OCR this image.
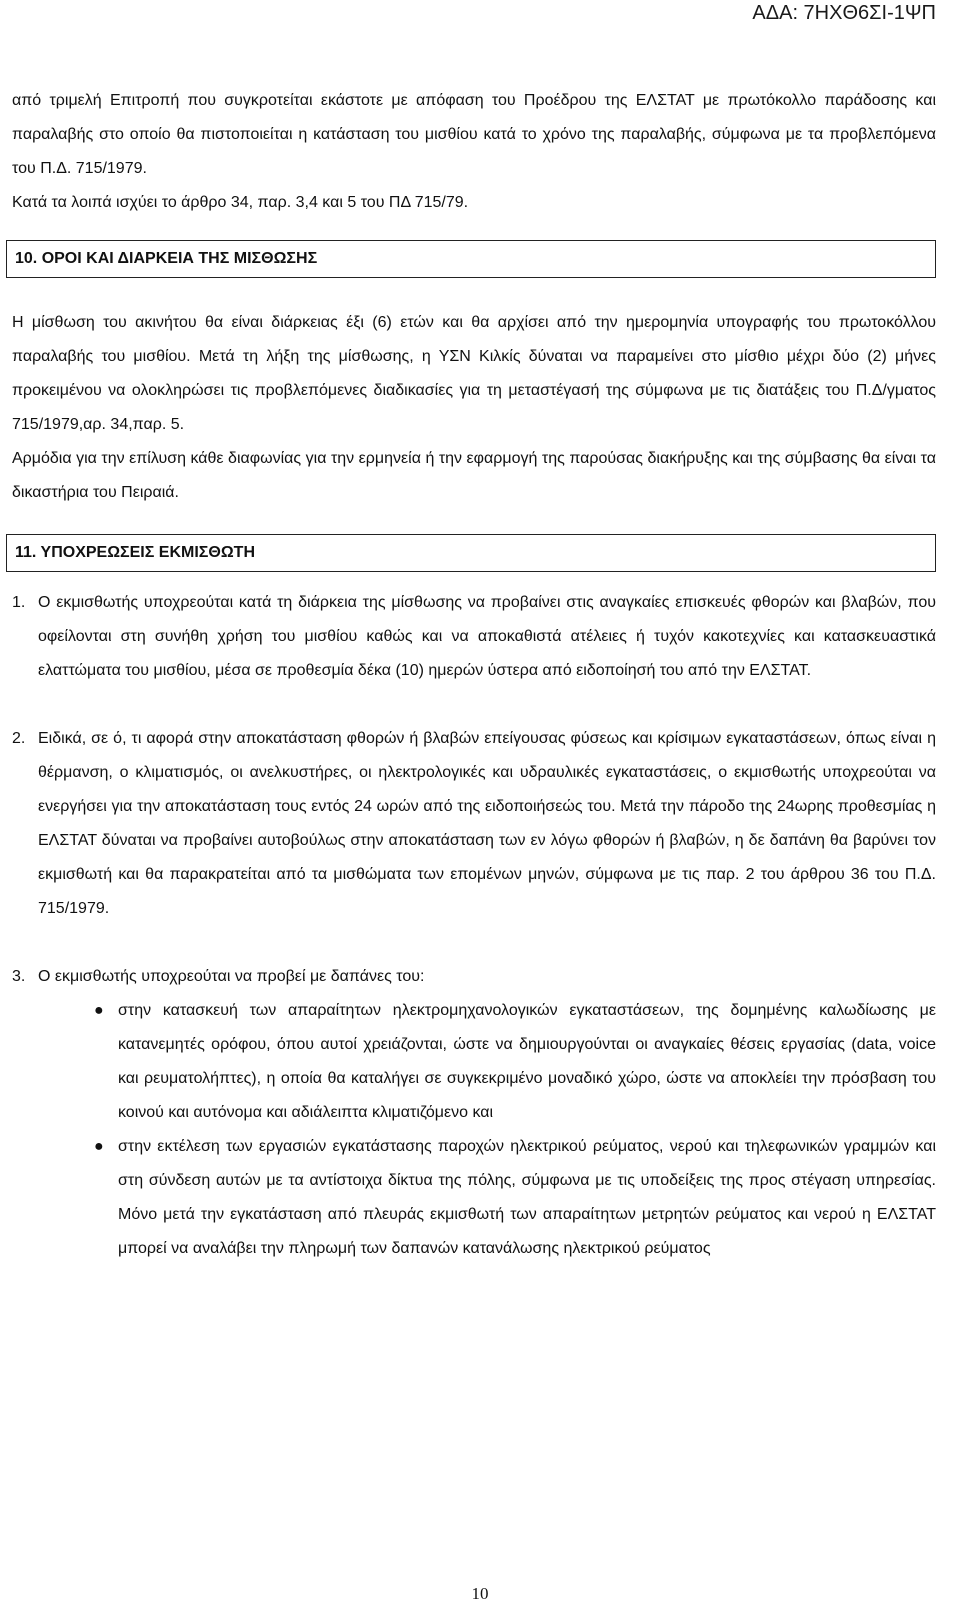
ΑΔΑ: 7ΗΧΘ6ΣΙ-1ΨΠ

από τριμελή Επιτροπή που συγκροτείται εκάστοτε με απόφαση του Προέδρου της ΕΛΣΤΑΤ με πρωτόκολλο παράδοσης και παραλαβής στο οποίο θα πιστοποιείται η κατάσταση του μισθίου κατά το χρόνο της παραλαβής, σύμφωνα με τα προβλεπόμενα του Π.Δ. 715/1979.

Κατά τα λοιπά ισχύει το άρθρο 34, παρ. 3,4 και 5 του ΠΔ 715/79.

10. ΟΡΟΙ ΚΑΙ ΔΙΑΡΚΕΙΑ ΤΗΣ ΜΙΣΘΩΣΗΣ

Η μίσθωση του ακινήτου θα είναι διάρκειας έξι (6) ετών και θα αρχίσει από την ημερομηνία υπογραφής του πρωτοκόλλου παραλαβής του μισθίου. Μετά τη λήξη της μίσθωσης, η ΥΣΝ Κιλκίς δύναται να παραμείνει στο μίσθιο μέχρι δύο (2) μήνες προκειμένου να ολοκληρώσει τις προβλεπόμενες διαδικασίες για τη μεταστέγασή της σύμφωνα με τις διατάξεις του Π.Δ/γματος 715/1979,αρ. 34,παρ. 5.

Αρμόδια για την επίλυση κάθε διαφωνίας για την ερμηνεία ή την εφαρμογή της παρούσας διακήρυξης και της σύμβασης θα είναι τα δικαστήρια του Πειραιά.

11. ΥΠΟΧΡΕΩΣΕΙΣ ΕΚΜΙΣΘΩΤΗ
1. Ο εκμισθωτής υποχρεούται κατά τη διάρκεια της μίσθωσης να προβαίνει στις αναγκαίες επισκευές φθορών και βλαβών, που οφείλονται στη συνήθη χρήση του μισθίου καθώς και να αποκαθιστά ατέλειες ή τυχόν κακοτεχνίες και κατασκευαστικά ελαττώματα του μισθίου, μέσα σε προθεσμία δέκα (10) ημερών ύστερα από ειδοποίησή του από την ΕΛΣΤΑΤ.
2. Ειδικά, σε ό, τι αφορά στην αποκατάσταση φθορών ή βλαβών επείγουσας φύσεως και κρίσιμων εγκαταστάσεων, όπως είναι η θέρμανση, ο κλιματισμός, οι ανελκυστήρες, οι ηλεκτρολογικές και υδραυλικές εγκαταστάσεις, ο εκμισθωτής υποχρεούται να ενεργήσει για την αποκατάσταση τους εντός 24 ωρών από της ειδοποιήσεώς του. Μετά την πάροδο της 24ωρης προθεσμίας η ΕΛΣΤΑΤ δύναται να προβαίνει αυτοβούλως στην αποκατάσταση των εν λόγω φθορών ή βλαβών, η δε δαπάνη θα βαρύνει τον εκμισθωτή και θα παρακρατείται από τα μισθώματα των επομένων μηνών, σύμφωνα με τις παρ. 2 του άρθρου 36 του Π.Δ. 715/1979.
3. Ο εκμισθωτής υποχρεούται να προβεί με δαπάνες του:
● στην κατασκευή των απαραίτητων ηλεκτρομηχανολογικών εγκαταστάσεων, της δομημένης καλωδίωσης με κατανεμητές ορόφου, όπου αυτοί χρειάζονται, ώστε να δημιουργούνται οι αναγκαίες θέσεις εργασίας (data, voice και ρευματολήπτες), η οποία θα καταλήγει σε συγκεκριμένο μοναδικό χώρο, ώστε να αποκλείει την πρόσβαση του κοινού και αυτόνομα και αδιάλειπτα κλιματιζόμενο και
● στην εκτέλεση των εργασιών εγκατάστασης παροχών ηλεκτρικού ρεύματος, νερού και τηλεφωνικών γραμμών και στη σύνδεση αυτών με τα αντίστοιχα δίκτυα της πόλης, σύμφωνα με τις υποδείξεις της προς στέγαση υπηρεσίας. Μόνο μετά την εγκατάσταση από πλευράς εκμισθωτή των απαραίτητων μετρητών ρεύματος και νερού η ΕΛΣΤΑΤ μπορεί να αναλάβει την πληρωμή των δαπανών κατανάλωσης ηλεκτρικού ρεύματος
10
